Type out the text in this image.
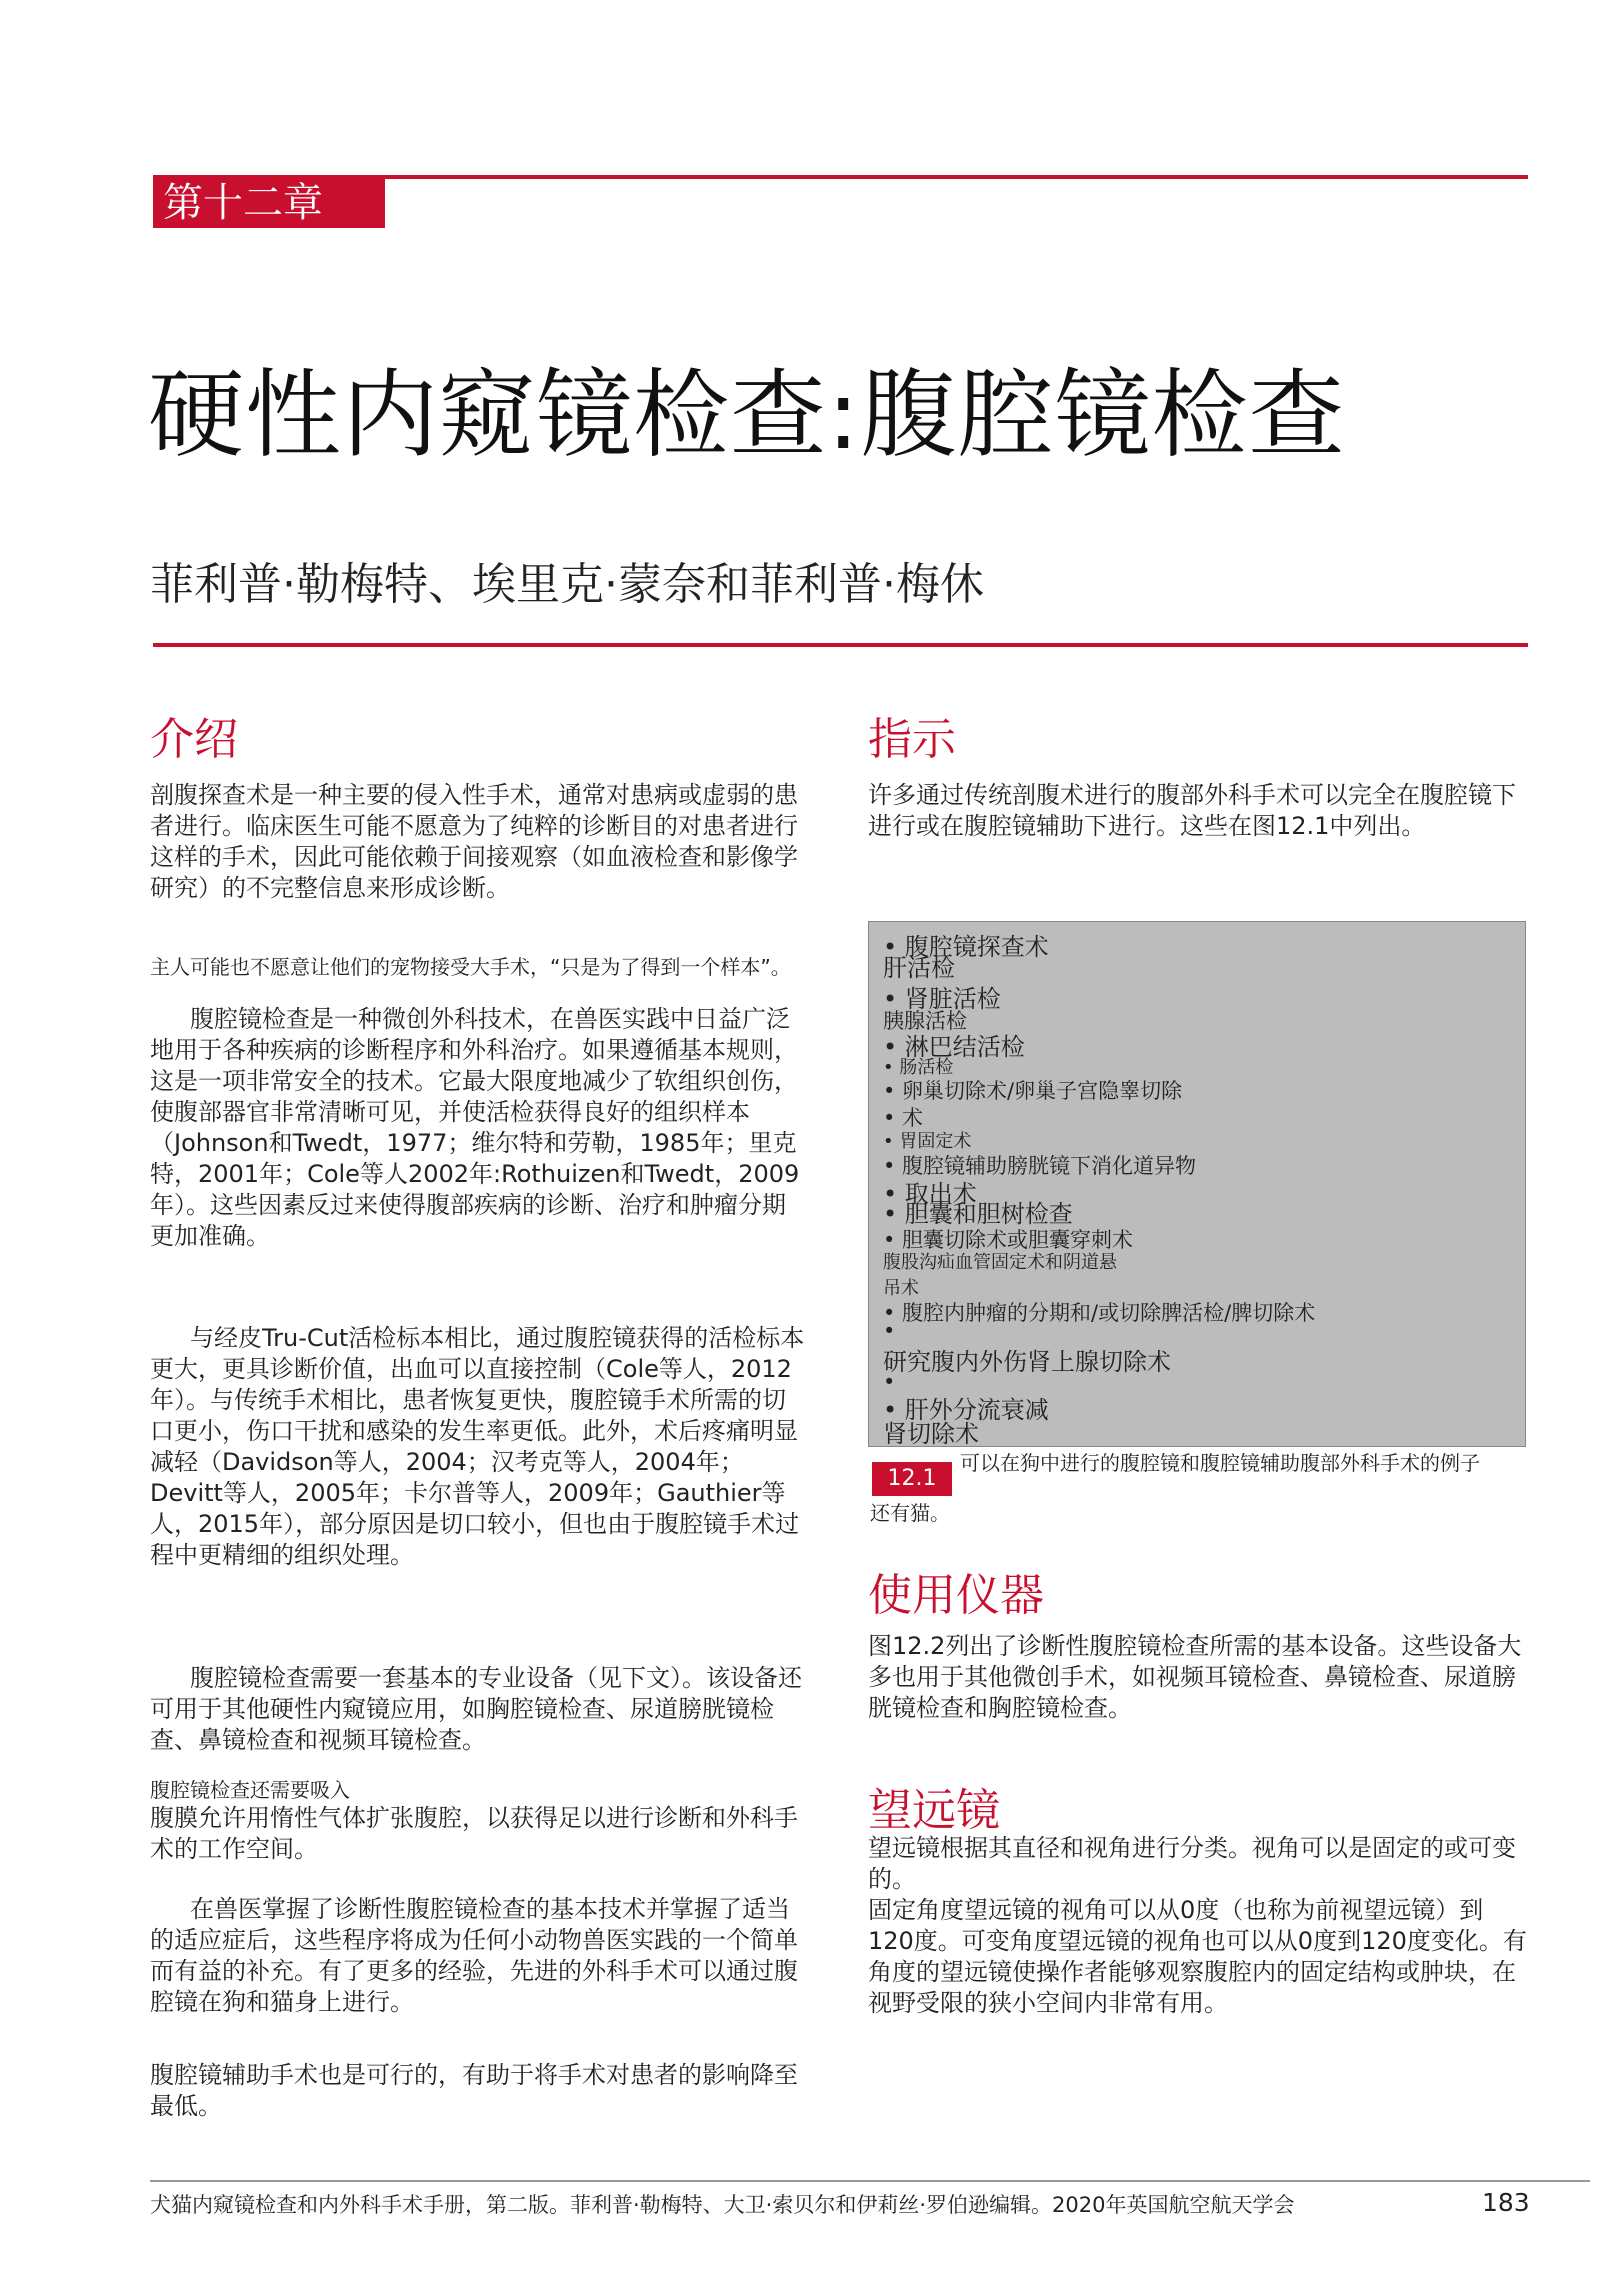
第十二章
硬性内窥镜检查:腹腔镜检查
菲利普·勒梅特、埃里克·蒙奈和菲利普·梅休
介绍

剖腹探查术是一种主要的侵入性手术，通常对患病或虚弱的患者进行。临床医生可能不愿意为了纯粹的诊断目的对患者进行这样的手术，因此可能依赖于间接观察（如血液检查和影像学研究）的不完整信息来形成诊断。

主人可能也不愿意让他们的宠物接受大手术，“只是为了得到一个样本”。

腹腔镜检查是一种微创外科技术，在兽医实践中日益广泛地用于各种疾病的诊断程序和外科治疗。如果遵循基本规则，这是一项非常安全的技术。它最大限度地减少了软组织创伤，使腹部器官非常清晰可见，并使活检获得良好的组织样本（Johnson和Twedt，1977；维尔特和劳勒，1985年；里克特，2001年；Cole等人2002年:Rothuizen和Twedt，2009年）。这些因素反过来使得腹部疾病的诊断、治疗和肿瘤分期更加准确。

与经皮Tru-Cut活检标本相比，通过腹腔镜获得的活检标本更大，更具诊断价值，出血可以直接控制（Cole等人，2012年）。与传统手术相比，患者恢复更快，腹腔镜手术所需的切口更小，伤口干扰和感染的发生率更低。此外，术后疼痛明显减轻（Davidson等人，2004；汉考克等人，2004年；Devitt等人，2005年；卡尔普等人，2009年；Gauthier等人，2015年），部分原因是切口较小，但也由于腹腔镜手术过程中更精细的组织处理。

腹腔镜检查需要一套基本的专业设备（见下文）。该设备还可用于其他硬性内窥镜应用，如胸腔镜检查、尿道膀胱镜检查、鼻镜检查和视频耳镜检查。

腹腔镜检查还需要吸入

腹膜允许用惰性气体扩张腹腔，以获得足以进行诊断和外科手术的工作空间。

在兽医掌握了诊断性腹腔镜检查的基本技术并掌握了适当的适应症后，这些程序将成为任何小动物兽医实践的一个简单而有益的补充。有了更多的经验，先进的外科手术可以通过腹腔镜在狗和猫身上进行。

腹腔镜辅助手术也是可行的，有助于将手术对患者的影响降至最低。

指示

许多通过传统剖腹术进行的腹部外科手术可以完全在腹腔镜下进行或在腹腔镜辅助下进行。这些在图12.1中列出。

• 腹腔镜探查术
肝活检
• 肾脏活检
胰腺活检
• 淋巴结活检
• 肠活检
• 卵巢切除术/卵巢子宫隐睾切除
• 术
• 胃固定术
• 腹腔镜辅助膀胱镜下消化道异物
• 取出术
• 胆囊和胆树检查
• 胆囊切除术或胆囊穿刺术
腹股沟疝血管固定术和阴道悬
吊术
• 腹腔内肿瘤的分期和/或切除脾活检/脾切除术
•
研究腹内外伤肾上腺切除术
•
• 肝外分流衰减
肾切除术
12.1
可以在狗中进行的腹腔镜和腹腔镜辅助腹部外科手术的例子
还有猫。
使用仪器

图12.2列出了诊断性腹腔镜检查所需的基本设备。这些设备大多也用于其他微创手术，如视频耳镜检查、鼻镜检查、尿道膀胱镜检查和胸腔镜检查。

望远镜

望远镜根据其直径和视角进行分类。视角可以是固定的或可变的。

固定角度望远镜的视角可以从0度（也称为前视望远镜）到120度。可变角度望远镜的视角也可以从0度到120度变化。有角度的望远镜使操作者能够观察腹腔内的固定结构或肿块，在视野受限的狭小空间内非常有用。

犬猫内窥镜检查和内外科手术手册，第二版。菲利普·勒梅特、大卫·索贝尔和伊莉丝·罗伯逊编辑。2020年英国航空航天学会	183
